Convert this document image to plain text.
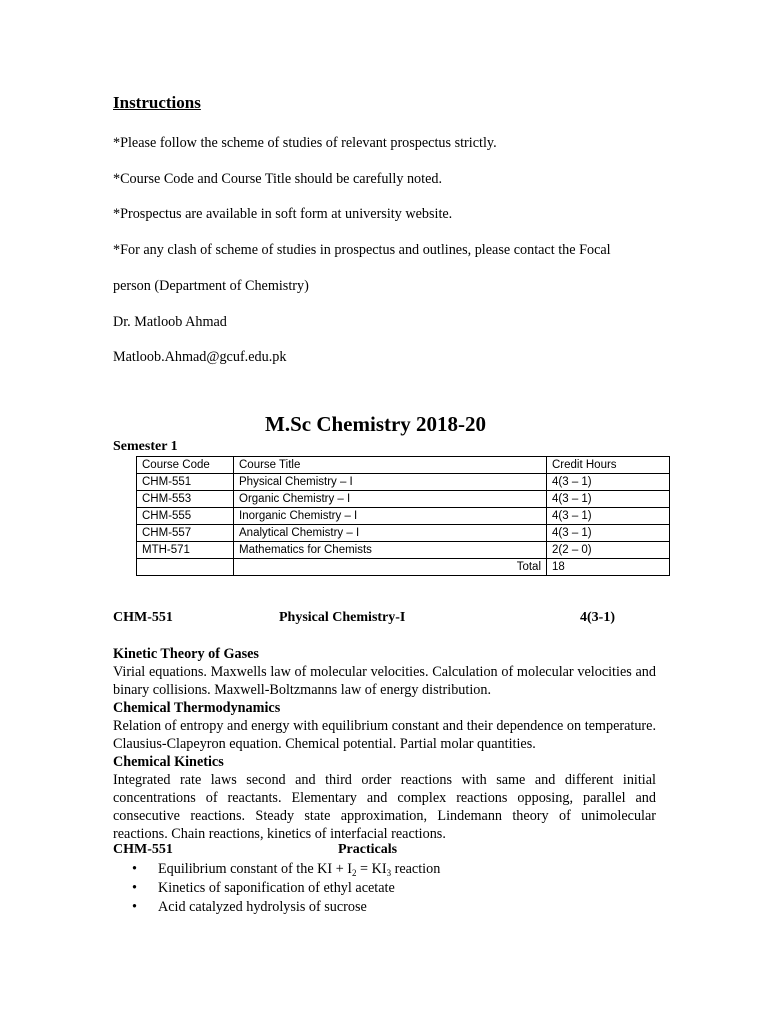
Instructions
*Please follow the scheme of studies of relevant prospectus strictly.
*Course Code and Course Title should be carefully noted.
*Prospectus are available in soft form at university website.
*For any clash of scheme of studies in prospectus and outlines, please contact the Focal
person (Department of Chemistry)
Dr. Matloob Ahmad
Matloob.Ahmad@gcuf.edu.pk
M.Sc Chemistry 2018-20
Semester 1
Course Code	Course Title	Credit Hours
CHM-551	Physical Chemistry – I	4(3 – 1)
CHM-553	Organic Chemistry – I	4(3 – 1)
CHM-555	Inorganic Chemistry – I	4(3 – 1)
CHM-557	Analytical Chemistry – I	4(3 – 1)
MTH-571	Mathematics for Chemists	2(2 – 0)
	Total	18
CHM-551	Physical Chemistry-I	4(3-1)
Kinetic Theory of Gases

Virial equations. Maxwells law of molecular velocities. Calculation of molecular velocities and binary collisions. Maxwell-Boltzmanns law of energy distribution.

Chemical Thermodynamics

Relation of entropy and energy with equilibrium constant and their dependence on temperature. Clausius-Clapeyron equation. Chemical potential. Partial molar quantities.

Chemical Kinetics

Integrated rate laws second and third order reactions with same and different initial concentrations of reactants. Elementary and complex reactions opposing, parallel and consecutive reactions. Steady state approximation, Lindemann theory of unimolecular reactions. Chain reactions, kinetics of interfacial reactions.

CHM-551	Practicals
• Equilibrium constant of the KI + $I_2 = KI_3$ reaction
• Kinetics of saponification of ethyl acetate
• Acid catalyzed hydrolysis of sucrose
